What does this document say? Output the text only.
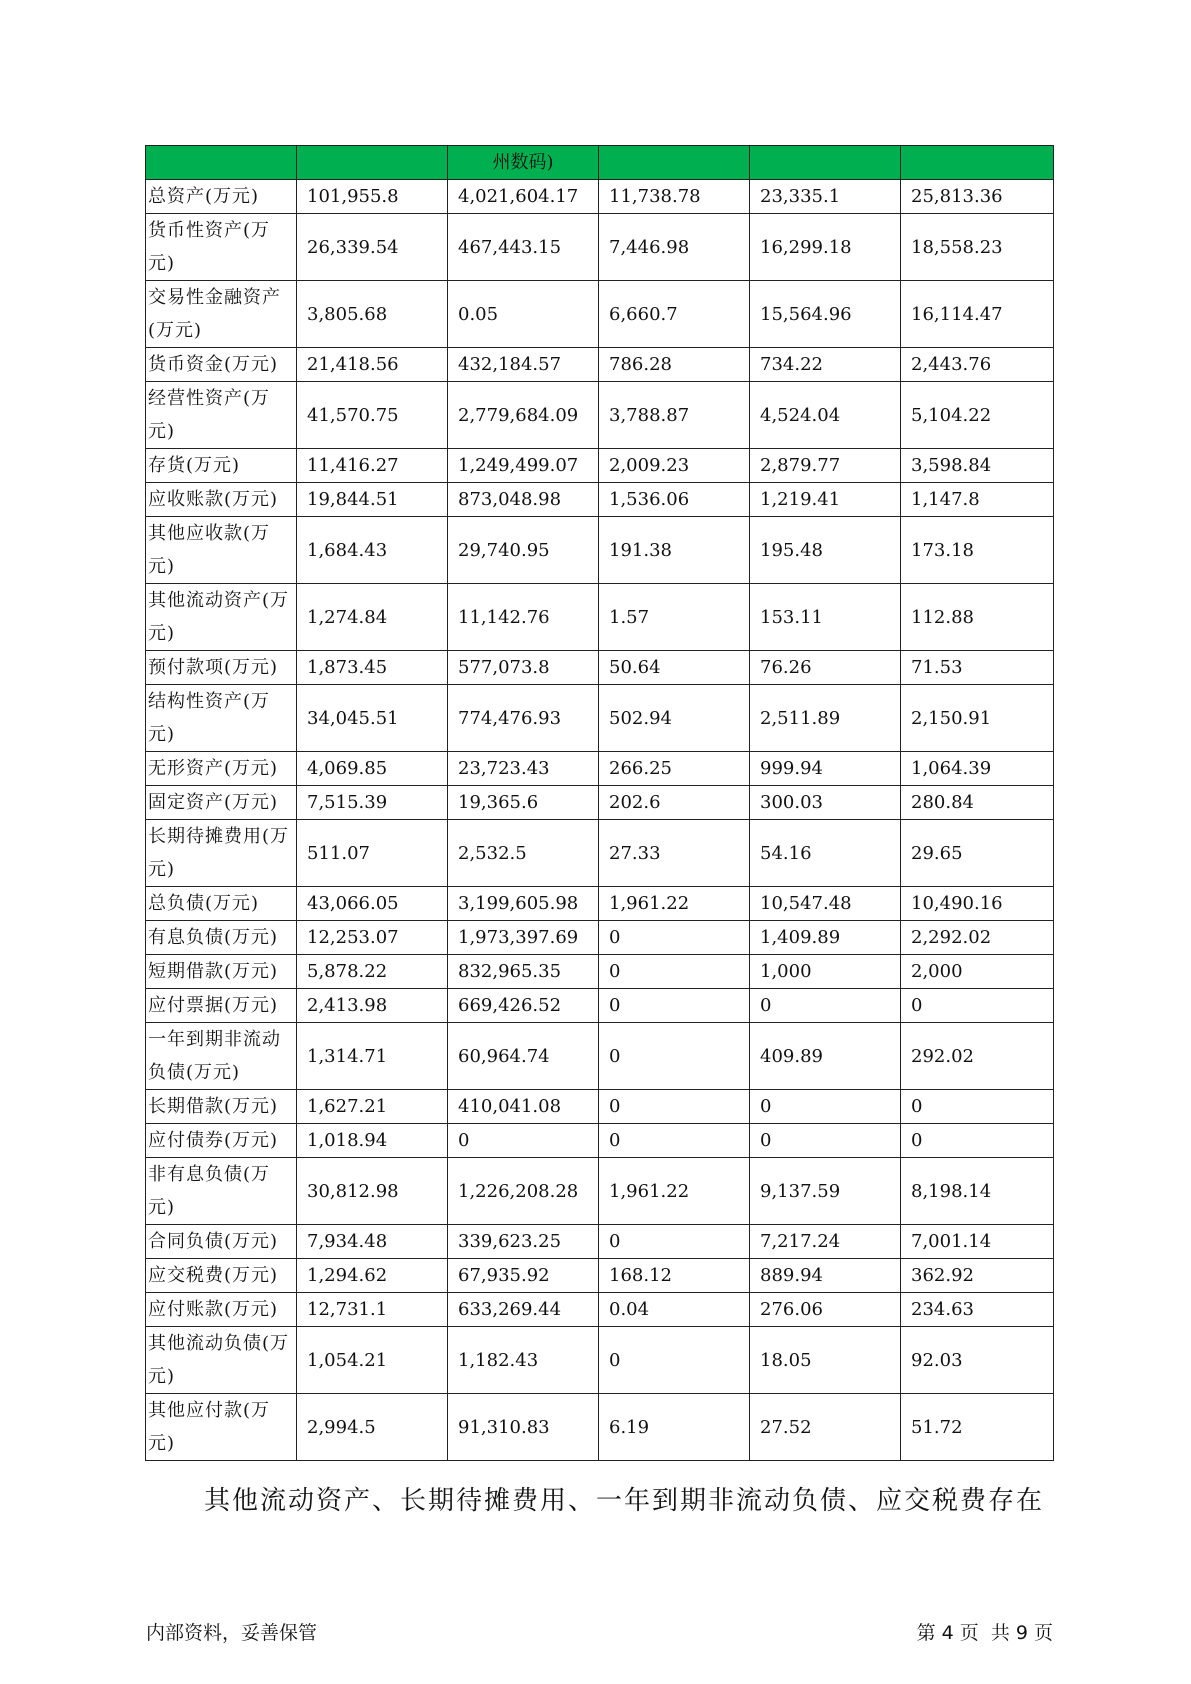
		州数码)			
总资产(万元)	101,955.8	4,021,604.17	11,738.78	23,335.1	25,813.36
货币性资产(万元)	26,339.54	467,443.15	7,446.98	16,299.18	18,558.23
交易性金融资产(万元)	3,805.68	0.05	6,660.7	15,564.96	16,114.47
货币资金(万元)	21,418.56	432,184.57	786.28	734.22	2,443.76
经营性资产(万元)	41,570.75	2,779,684.09	3,788.87	4,524.04	5,104.22
存货(万元)	11,416.27	1,249,499.07	2,009.23	2,879.77	3,598.84
应收账款(万元)	19,844.51	873,048.98	1,536.06	1,219.41	1,147.8
其他应收款(万元)	1,684.43	29,740.95	191.38	195.48	173.18
其他流动资产(万元)	1,274.84	11,142.76	1.57	153.11	112.88
预付款项(万元)	1,873.45	577,073.8	50.64	76.26	71.53
结构性资产(万元)	34,045.51	774,476.93	502.94	2,511.89	2,150.91
无形资产(万元)	4,069.85	23,723.43	266.25	999.94	1,064.39
固定资产(万元)	7,515.39	19,365.6	202.6	300.03	280.84
长期待摊费用(万元)	511.07	2,532.5	27.33	54.16	29.65
总负债(万元)	43,066.05	3,199,605.98	1,961.22	10,547.48	10,490.16
有息负债(万元)	12,253.07	1,973,397.69	0	1,409.89	2,292.02
短期借款(万元)	5,878.22	832,965.35	0	1,000	2,000
应付票据(万元)	2,413.98	669,426.52	0	0	0
一年到期非流动负债(万元)	1,314.71	60,964.74	0	409.89	292.02
长期借款(万元)	1,627.21	410,041.08	0	0	0
应付债券(万元)	1,018.94	0	0	0	0
非有息负债(万元)	30,812.98	1,226,208.28	1,961.22	9,137.59	8,198.14
合同负债(万元)	7,934.48	339,623.25	0	7,217.24	7,001.14
应交税费(万元)	1,294.62	67,935.92	168.12	889.94	362.92
应付账款(万元)	12,731.1	633,269.44	0.04	276.06	234.63
其他流动负债(万元)	1,054.21	1,182.43	0	18.05	92.03
其他应付款(万元)	2,994.5	91,310.83	6.19	27.52	51.72
其他流动资产、长期待摊费用、一年到期非流动负债、应交税费存在
内部资料，妥善保管	第 4 页  共 9 页
